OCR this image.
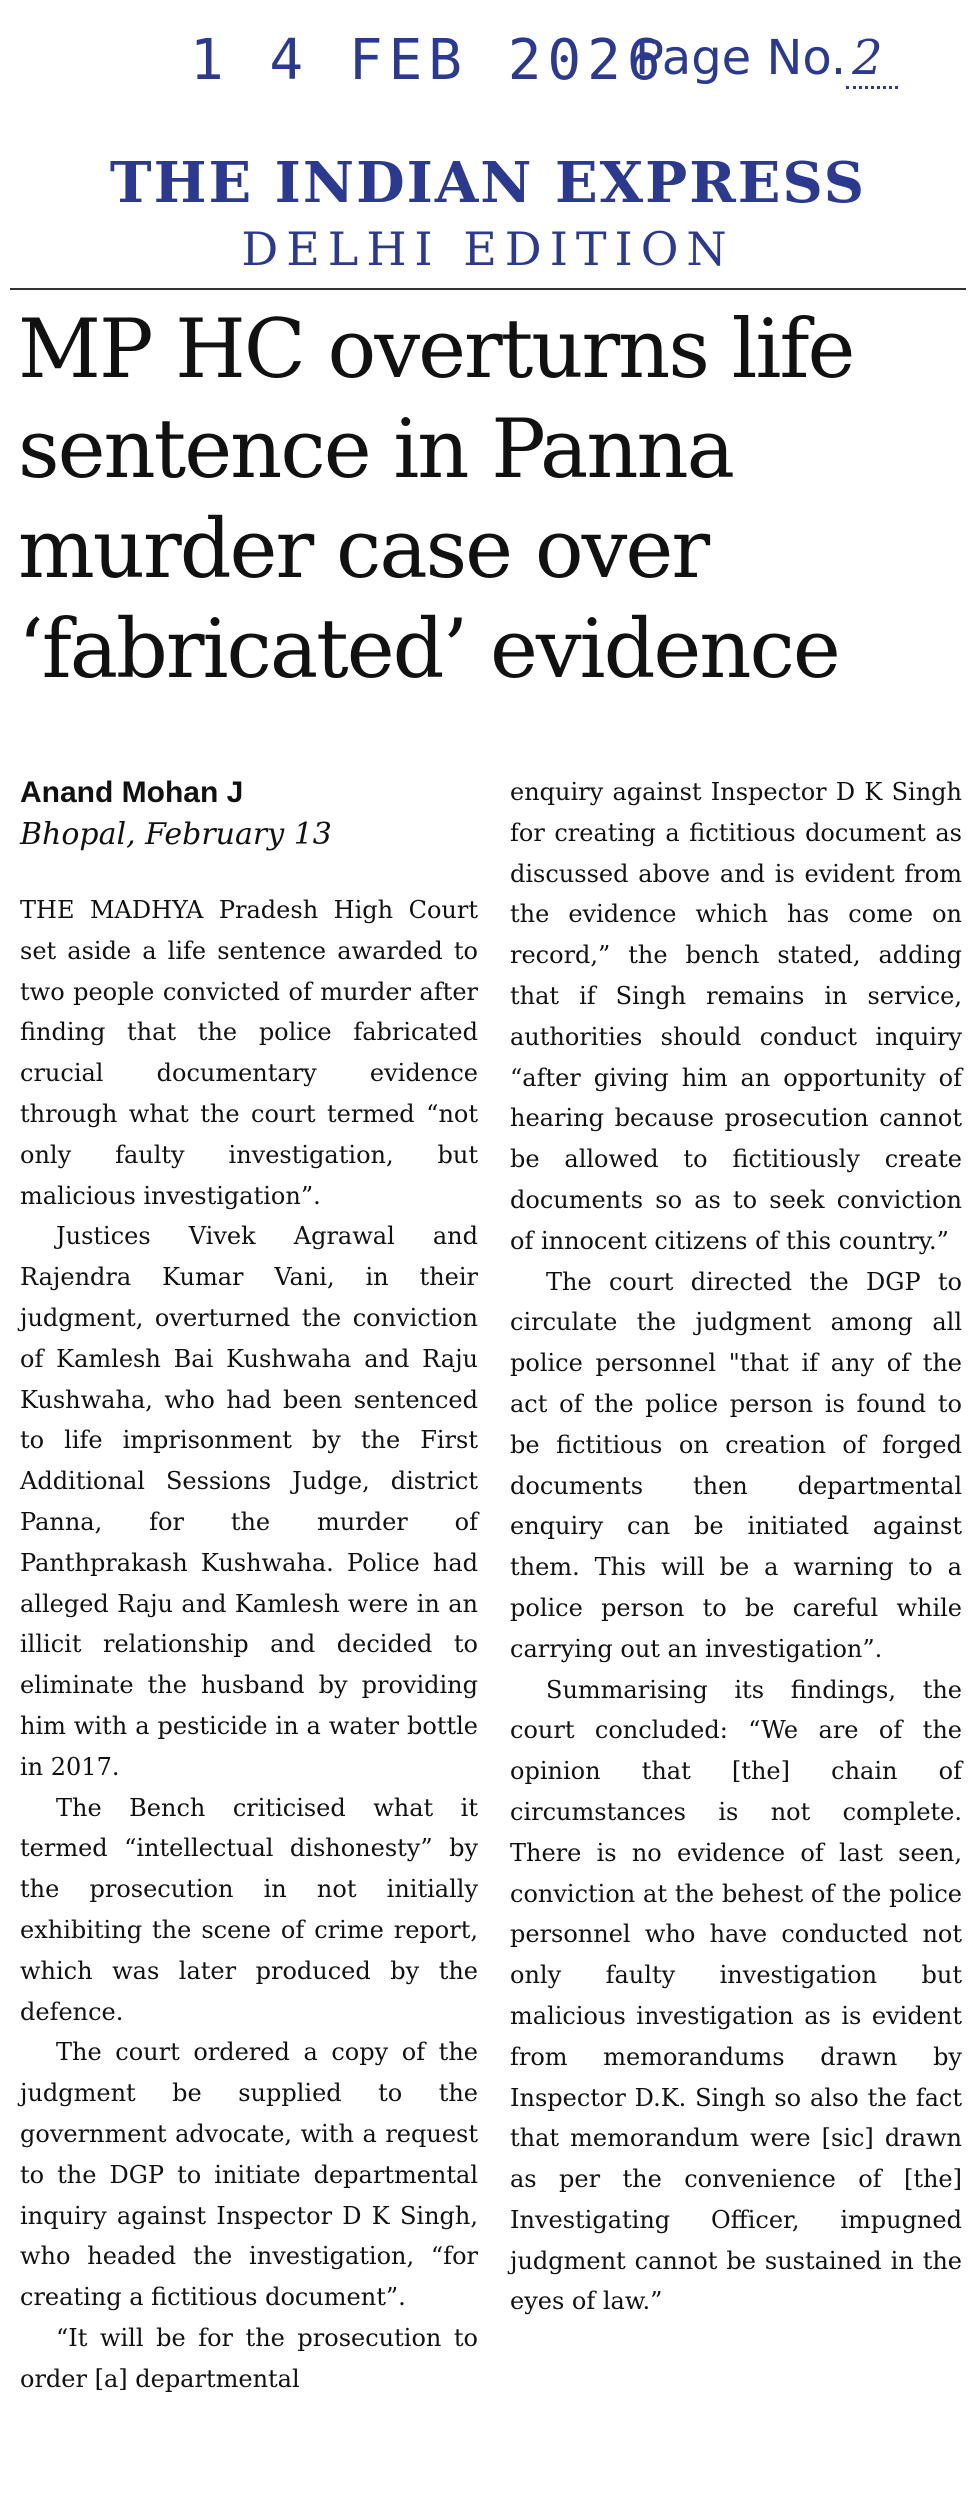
1 4 FEB 2026
Page No. 2
THE INDIAN EXPRESS
DELHI EDITION
MP HC overturns life
sentence in Panna
murder case over
‘fabricated’ evidence
Anand Mohan J
Bhopal, February 13

THE MADHYA Pradesh High Court set aside a life sentence awarded to two people convicted of murder after finding that the police fabricated crucial documentary evidence through what the court termed “not only faulty investigation, but malicious investigation”.

Justices Vivek Agrawal and Rajendra Kumar Vani, in their judgment, overturned the conviction of Kamlesh Bai Kushwaha and Raju Kushwaha, who had been sentenced to life imprisonment by the First Additional Sessions Judge, district Panna, for the murder of Panthprakash Kushwaha. Police had alleged Raju and Kamlesh were in an illicit relationship and decided to eliminate the husband by providing him with a pesticide in a water bottle in 2017.

The Bench criticised what it termed “intellectual dishonesty” by the prosecution in not initially exhibiting the scene of crime report, which was later produced by the defence.

The court ordered a copy of the judgment be supplied to the government advocate, with a request to the DGP to initiate departmental inquiry against Inspector D K Singh, who headed the investigation, “for creating a fictitious document”.

“It will be for the prosecution to order [a] departmental

enquiry against Inspector D K Singh for creating a fictitious document as discussed above and is evident from the evidence which has come on record,” the bench stated, adding that if Singh remains in service, authorities should conduct inquiry “after giving him an opportunity of hearing because prosecution cannot be allowed to fictitiously create documents so as to seek conviction of innocent citizens of this country.”

The court directed the DGP to circulate the judgment among all police personnel "that if any of the act of the police person is found to be fictitious on creation of forged documents then departmental enquiry can be initiated against them. This will be a warning to a police person to be careful while carrying out an investigation”.

Summarising its findings, the court concluded: “We are of the opinion that [the] chain of circumstances is not complete. There is no evidence of last seen, conviction at the behest of the police personnel who have conducted not only faulty investigation but malicious investigation as is evident from memorandums drawn by Inspector D.K. Singh so also the fact that memorandum were [sic] drawn as per the convenience of [the] Investigating Officer, impugned judgment cannot be sustained in the eyes of law.”
